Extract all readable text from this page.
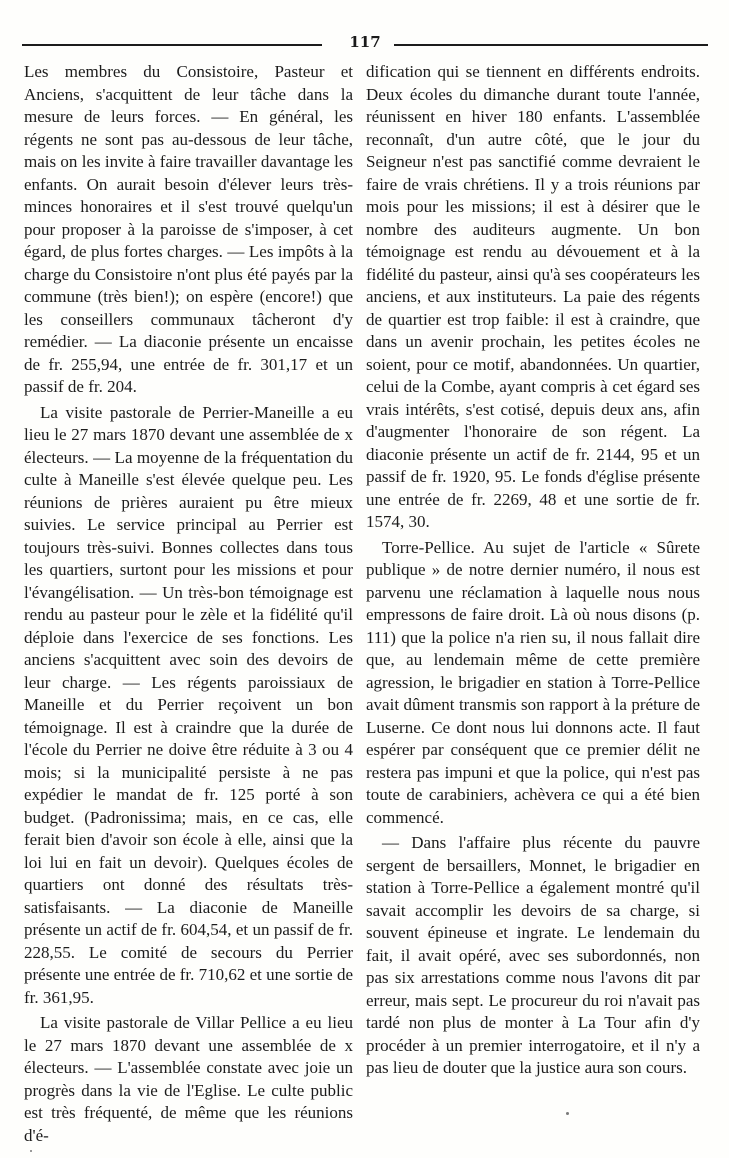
117

Les membres du Consistoire, Pasteur et Anciens, s'acquittent de leur tâche dans la mesure de leurs forces. — En général, les régents ne sont pas au-dessous de leur tâche, mais on les invite à faire travailler davantage les enfants. On aurait besoin d'élever leurs très-minces honoraires et il s'est trouvé quelqu'un pour proposer à la paroisse de s'imposer, à cet égard, de plus fortes charges. — Les impôts à la charge du Consistoire n'ont plus été payés par la commune (très bien!); on espère (encore!) que les conseillers communaux tâcheront d'y remédier. — La diaconie présente un encaisse de fr. 255,94, une entrée de fr. 301,17 et un passif de fr. 204.

La visite pastorale de Perrier-Maneille a eu lieu le 27 mars 1870 devant une assemblée de x électeurs. — La moyenne de la fréquentation du culte à Maneille s'est élevée quelque peu. Les réunions de prières auraient pu être mieux suivies. Le service principal au Perrier est toujours très-suivi. Bonnes collectes dans tous les quartiers, surtont pour les missions et pour l'évangélisation. — Un très-bon témoignage est rendu au pasteur pour le zèle et la fidélité qu'il déploie dans l'exercice de ses fonctions. Les anciens s'acquittent avec soin des devoirs de leur charge. — Les régents paroissiaux de Maneille et du Perrier reçoivent un bon témoignage. Il est à craindre que la durée de l'école du Perrier ne doive être réduite à 3 ou 4 mois; si la municipalité persiste à ne pas expédier le mandat de fr. 125 porté à son budget. (Padronissima; mais, en ce cas, elle ferait bien d'avoir son école à elle, ainsi que la loi lui en fait un devoir). Quelques écoles de quartiers ont donné des résultats très-satisfaisants. — La diaconie de Maneille présente un actif de fr. 604,54, et un passif de fr. 228,55. Le comité de secours du Perrier présente une entrée de fr. 710,62 et une sortie de fr. 361,95.

La visite pastorale de Villar Pellice a eu lieu le 27 mars 1870 devant une assemblée de x électeurs. — L'assemblée constate avec joie un progrès dans la vie de l'Eglise. Le culte public est très fréquenté, de même que les réunions d'é-

dification qui se tiennent en différents endroits. Deux écoles du dimanche durant toute l'année, réunissent en hiver 180 enfants. L'assemblée reconnaît, d'un autre côté, que le jour du Seigneur n'est pas sanctifié comme devraient le faire de vrais chrétiens. Il y a trois réunions par mois pour les missions; il est à désirer que le nombre des auditeurs augmente. Un bon témoignage est rendu au dévouement et à la fidélité du pasteur, ainsi qu'à ses coopérateurs les anciens, et aux instituteurs. La paie des régents de quartier est trop faible: il est à craindre, que dans un avenir prochain, les petites écoles ne soient, pour ce motif, abandonnées. Un quartier, celui de la Combe, ayant compris à cet égard ses vrais intérêts, s'est cotisé, depuis deux ans, afin d'augmenter l'honoraire de son régent. La diaconie présente un actif de fr. 2144, 95 et un passif de fr. 1920, 95. Le fonds d'église présente une entrée de fr. 2269, 48 et une sortie de fr. 1574, 30.

Torre-Pellice. Au sujet de l'article « Sûrete publique » de notre dernier numéro, il nous est parvenu une réclamation à laquelle nous nous empressons de faire droit. Là où nous disons (p. 111) que la police n'a rien su, il nous fallait dire que, au lendemain même de cette première agression, le brigadier en station à Torre-Pellice avait dûment transmis son rapport à la préture de Luserne. Ce dont nous lui donnons acte. Il faut espérer par conséquent que ce premier délit ne restera pas impuni et que la police, qui n'est pas toute de carabiniers, achèvera ce qui a été bien commencé.

— Dans l'affaire plus récente du pauvre sergent de bersaillers, Monnet, le brigadier en station à Torre-Pellice a également montré qu'il savait accomplir les devoirs de sa charge, si souvent épineuse et ingrate. Le lendemain du fait, il avait opéré, avec ses subordonnés, non pas six arrestations comme nous l'avons dit par erreur, mais sept. Le procureur du roi n'avait pas tardé non plus de monter à La Tour afin d'y procéder à un premier interrogatoire, et il n'y a pas lieu de douter que la justice aura son cours.
